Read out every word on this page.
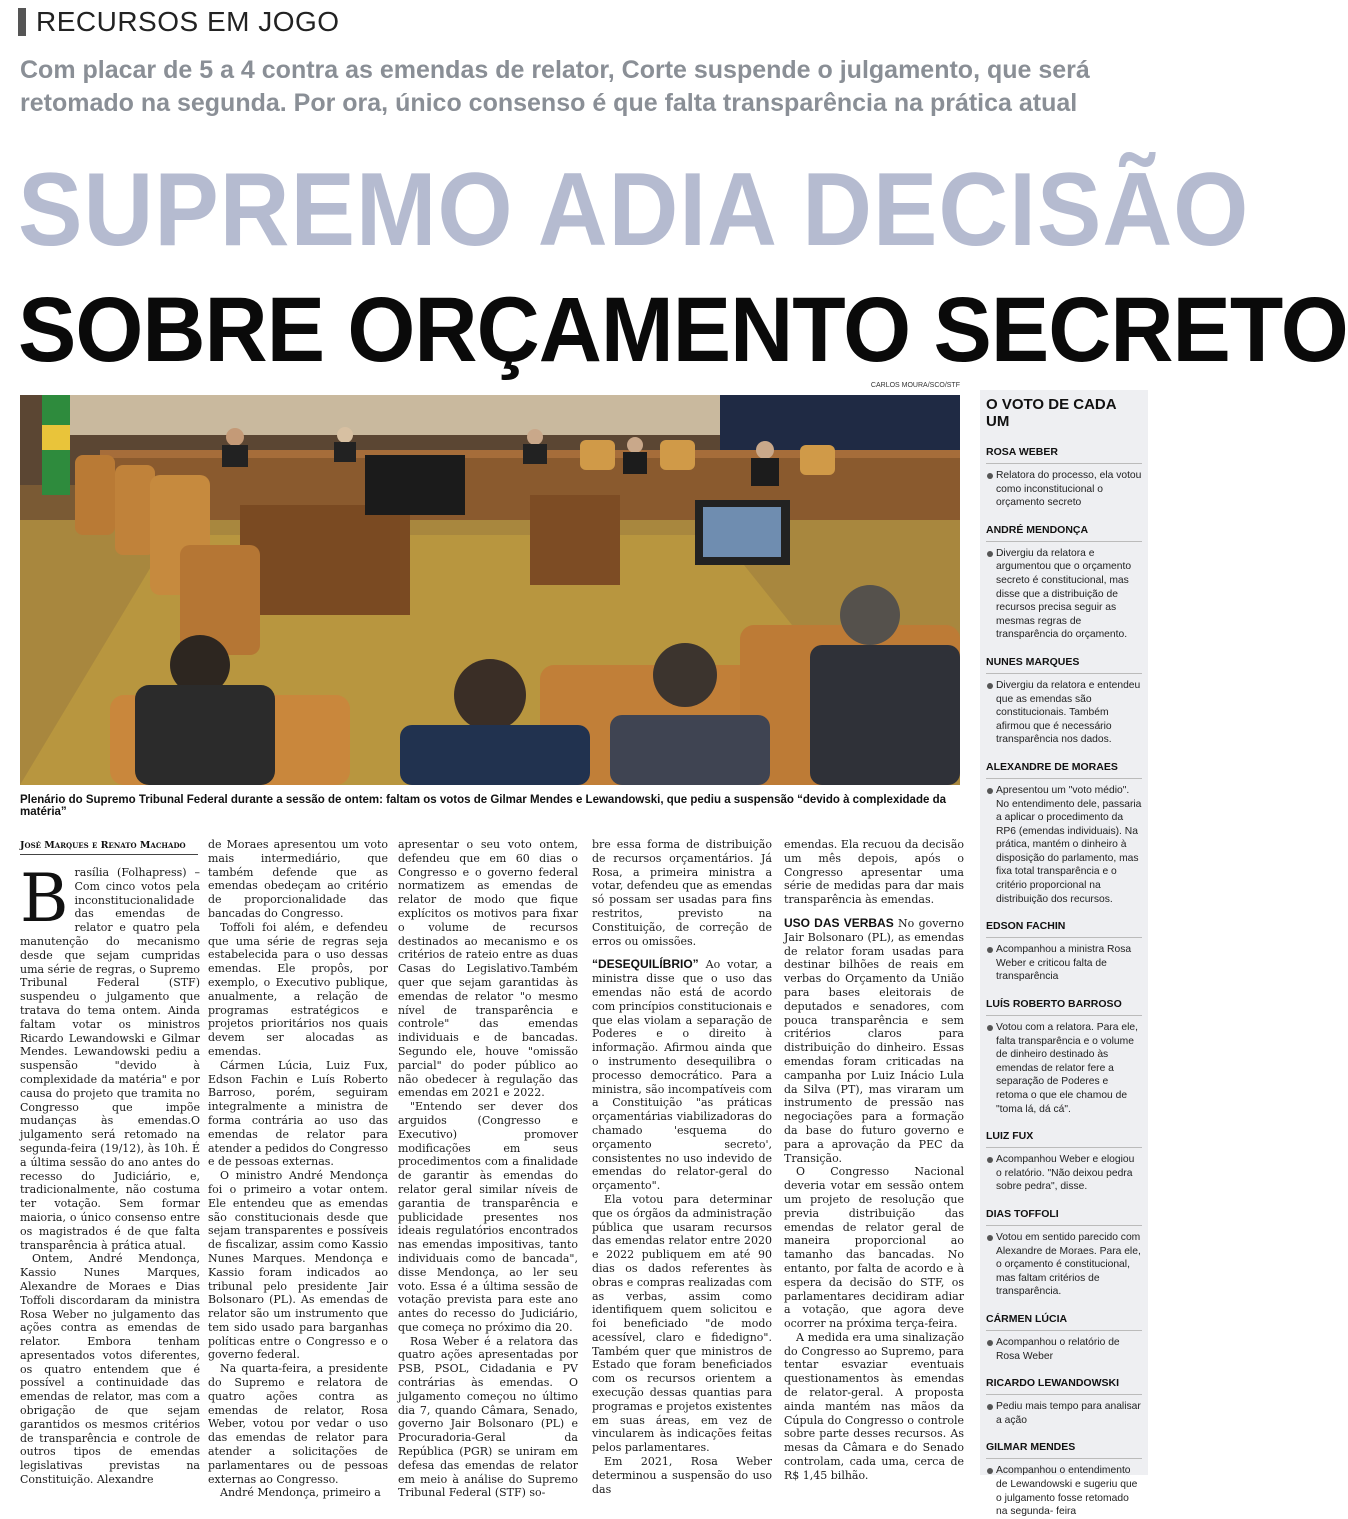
RECURSOS EM JOGO
Com placar de 5 a 4 contra as emendas de relator, Corte suspende o julgamento, que será retomado na segunda. Por ora, único consenso é que falta transparência na prática atual
SUPREMO ADIA DECISÃO
SOBRE ORÇAMENTO SECRETO
CARLOS MOURA/SCO/STF
Plenário do Supremo Tribunal Federal durante a sessão de ontem: faltam os votos de Gilmar Mendes e Lewandowski, que pediu a suspensão “devido à complexidade da matéria”
José Marques e Renato Machado
B rasília (Folhapress) – Com cinco votos pela inconstitucionalidade das emendas de relator e quatro pela manutenção do mecanismo desde que sejam cumpridas uma série de regras, o Supremo Tribunal Federal (STF) suspendeu o julgamento que tratava do tema ontem. Ainda faltam votar os ministros Ricardo Lewandowski e Gilmar Mendes. Lewandowski pediu a suspensão "devido à complexidade da matéria" e por causa do projeto que tramita no Congresso que impõe mudanças às emendas.O julgamento será retomado na segunda-feira (19/12), às 10h. É a última sessão do ano antes do recesso do Judiciário, e, tradicionalmente, não costuma ter votação. Sem formar maioria, o único consenso entre os magistrados é de que falta transparência à prática atual.

Ontem, André Mendonça, Kassio Nunes Marques, Alexandre de Moraes e Dias Toffoli discordaram da ministra Rosa Weber no julgamento das ações contra as emendas de relator. Embora tenham apresentados votos diferentes, os quatro entendem que é possível a continuidade das emendas de relator, mas com a obrigação de que sejam garantidos os mesmos critérios de transparência e controle de outros tipos de emendas legislativas previstas na Constituição. Alexandre

de Moraes apresentou um voto mais intermediário, que também defende que as emendas obedeçam ao critério de proporcionalidade das bancadas do Congresso.

Toffoli foi além, e defendeu que uma série de regras seja estabelecida para o uso dessas emendas. Ele propôs, por exemplo, o Executivo publique, anualmente, a relação de programas estratégicos e projetos prioritários nos quais devem ser alocadas as emendas.

Cármen Lúcia, Luiz Fux, Edson Fachin e Luís Roberto Barroso, porém, seguiram integralmente a ministra de forma contrária ao uso das emendas de relator para atender a pedidos do Congresso e de pessoas externas.

O ministro André Mendonça foi o primeiro a votar ontem. Ele entendeu que as emendas são constitucionais desde que sejam transparentes e possíveis de fiscalizar, assim como Kassio Nunes Marques. Mendonça e Kassio foram indicados ao tribunal pelo presidente Jair Bolsonaro (PL). As emendas de relator são um instrumento que tem sido usado para barganhas políticas entre o Congresso e o governo federal.

Na quarta-feira, a presidente do Supremo e relatora de quatro ações contra as emendas de relator, Rosa Weber, votou por vedar o uso das emendas de relator para atender a solicitações de parlamentares ou de pessoas externas ao Congresso.

André Mendonça, primeiro a

apresentar o seu voto ontem, defendeu que em 60 dias o Congresso e o governo federal normatizem as emendas de relator de modo que fique explícitos os motivos para fixar o volume de recursos destinados ao mecanismo e os critérios de rateio entre as duas Casas do Legislativo.Também quer que sejam garantidas às emendas de relator "o mesmo nível de transparência e controle" das emendas individuais e de bancadas. Segundo ele, houve "omissão parcial" do poder público ao não obedecer à regulação das emendas em 2021 e 2022.

"Entendo ser dever dos arguidos (Congresso e Executivo) promover modificações em seus procedimentos com a finalidade de garantir às emendas do relator geral similar níveis de garantia de transparência e publicidade presentes nos ideais regulatórios encontrados nas emendas impositivas, tanto individuais como de bancada", disse Mendonça, ao ler seu voto. Essa é a última sessão de votação prevista para este ano antes do recesso do Judiciário, que começa no próximo dia 20.

Rosa Weber é a relatora das quatro ações apresentadas por PSB, PSOL, Cidadania e PV contrárias às emendas. O julgamento começou no último dia 7, quando Câmara, Senado, governo Jair Bolsonaro (PL) e Procuradoria-Geral da República (PGR) se uniram em defesa das emendas de relator em meio à análise do Supremo Tribunal Federal (STF) so-

bre essa forma de distribuição de recursos orçamentários. Já Rosa, a primeira ministra a votar, defendeu que as emendas só possam ser usadas para fins restritos, previsto na Constituição, de correção de erros ou omissões.

“DESEQUILÍBRIO” Ao votar, a ministra disse que o uso das emendas não está de acordo com princípios constitucionais e que elas violam a separação de Poderes e o direito à informação. Afirmou ainda que o instrumento desequilibra o processo democrático. Para a ministra, são incompatíveis com a Constituição "as práticas orçamentárias viabilizadoras do chamado 'esquema do orçamento secreto', consistentes no uso indevido de emendas do relator-geral do orçamento".

Ela votou para determinar que os órgãos da administração pública que usaram recursos das emendas relator entre 2020 e 2022 publiquem em até 90 dias os dados referentes às obras e compras realizadas com as verbas, assim como identifiquem quem solicitou e foi beneficiado "de modo acessível, claro e fidedigno". Também quer que ministros de Estado que foram beneficiados com os recursos orientem a execução dessas quantias para programas e projetos existentes em suas áreas, em vez de vincularem às indicações feitas pelos parlamentares.

Em 2021, Rosa Weber determinou a suspensão do uso das

emendas. Ela recuou da decisão um mês depois, após o Congresso apresentar uma série de medidas para dar mais transparência às emendas.

USO DAS VERBAS No governo Jair Bolsonaro (PL), as emendas de relator foram usadas para destinar bilhões de reais em verbas do Orçamento da União para bases eleitorais de deputados e senadores, com pouca transparência e sem critérios claros para distribuição do dinheiro. Essas emendas foram criticadas na campanha por Luiz Inácio Lula da Silva (PT), mas viraram um instrumento de pressão nas negociações para a formação da base do futuro governo e para a aprovação da PEC da Transição.

O Congresso Nacional deveria votar em sessão ontem um projeto de resolução que previa distribuição das emendas de relator geral de maneira proporcional ao tamanho das bancadas. No entanto, por falta de acordo e à espera da decisão do STF, os parlamentares decidiram adiar a votação, que agora deve ocorrer na próxima terça-feira.

A medida era uma sinalização do Congresso ao Supremo, para tentar esvaziar eventuais questionamentos às emendas de relator-geral. A proposta ainda mantém nas mãos da Cúpula do Congresso o controle sobre parte desses recursos. As mesas da Câmara e do Senado controlam, cada uma, cerca de R$ 1,45 bilhão.

O VOTO DE CADA UM
ROSA WEBER
Relatora do processo, ela votou como inconstitucional o orçamento secreto
ANDRÉ MENDONÇA
Divergiu da relatora e argumentou que o orçamento secreto é constitucional, mas disse que a distribuição de recursos precisa seguir as mesmas regras de transparência do orçamento.
NUNES MARQUES
Divergiu da relatora e entendeu que as emendas são constitucionais. Também afirmou que é necessário transparência nos dados.
ALEXANDRE DE MORAES
Apresentou um "voto médio". No entendimento dele, passaria a aplicar o procedimento da RP6 (emendas individuais). Na prática, mantém o dinheiro à disposição do parlamento, mas fixa total transparência e o critério proporcional na distribuição dos recursos.
EDSON FACHIN
Acompanhou a ministra Rosa Weber e criticou falta de transparência
LUÍS ROBERTO BARROSO
Votou com a relatora. Para ele, falta transparência e o volume de dinheiro destinado às emendas de relator fere a separação de Poderes e retoma o que ele chamou de "toma lá, dá cá".
LUIZ FUX
Acompanhou Weber e elogiou o relatório. "Não deixou pedra sobre pedra", disse.
DIAS TOFFOLI
Votou em sentido parecido com Alexandre de Moraes. Para ele, o orçamento é constitucional, mas faltam critérios de transparência.
CÁRMEN LÚCIA
Acompanhou o relatório de Rosa Weber
RICARDO LEWANDOWSKI
Pediu mais tempo para analisar a ação
GILMAR MENDES
Acompanhou o entendimento de Lewandowski e sugeriu que o julgamento fosse retomado na segunda- feira
